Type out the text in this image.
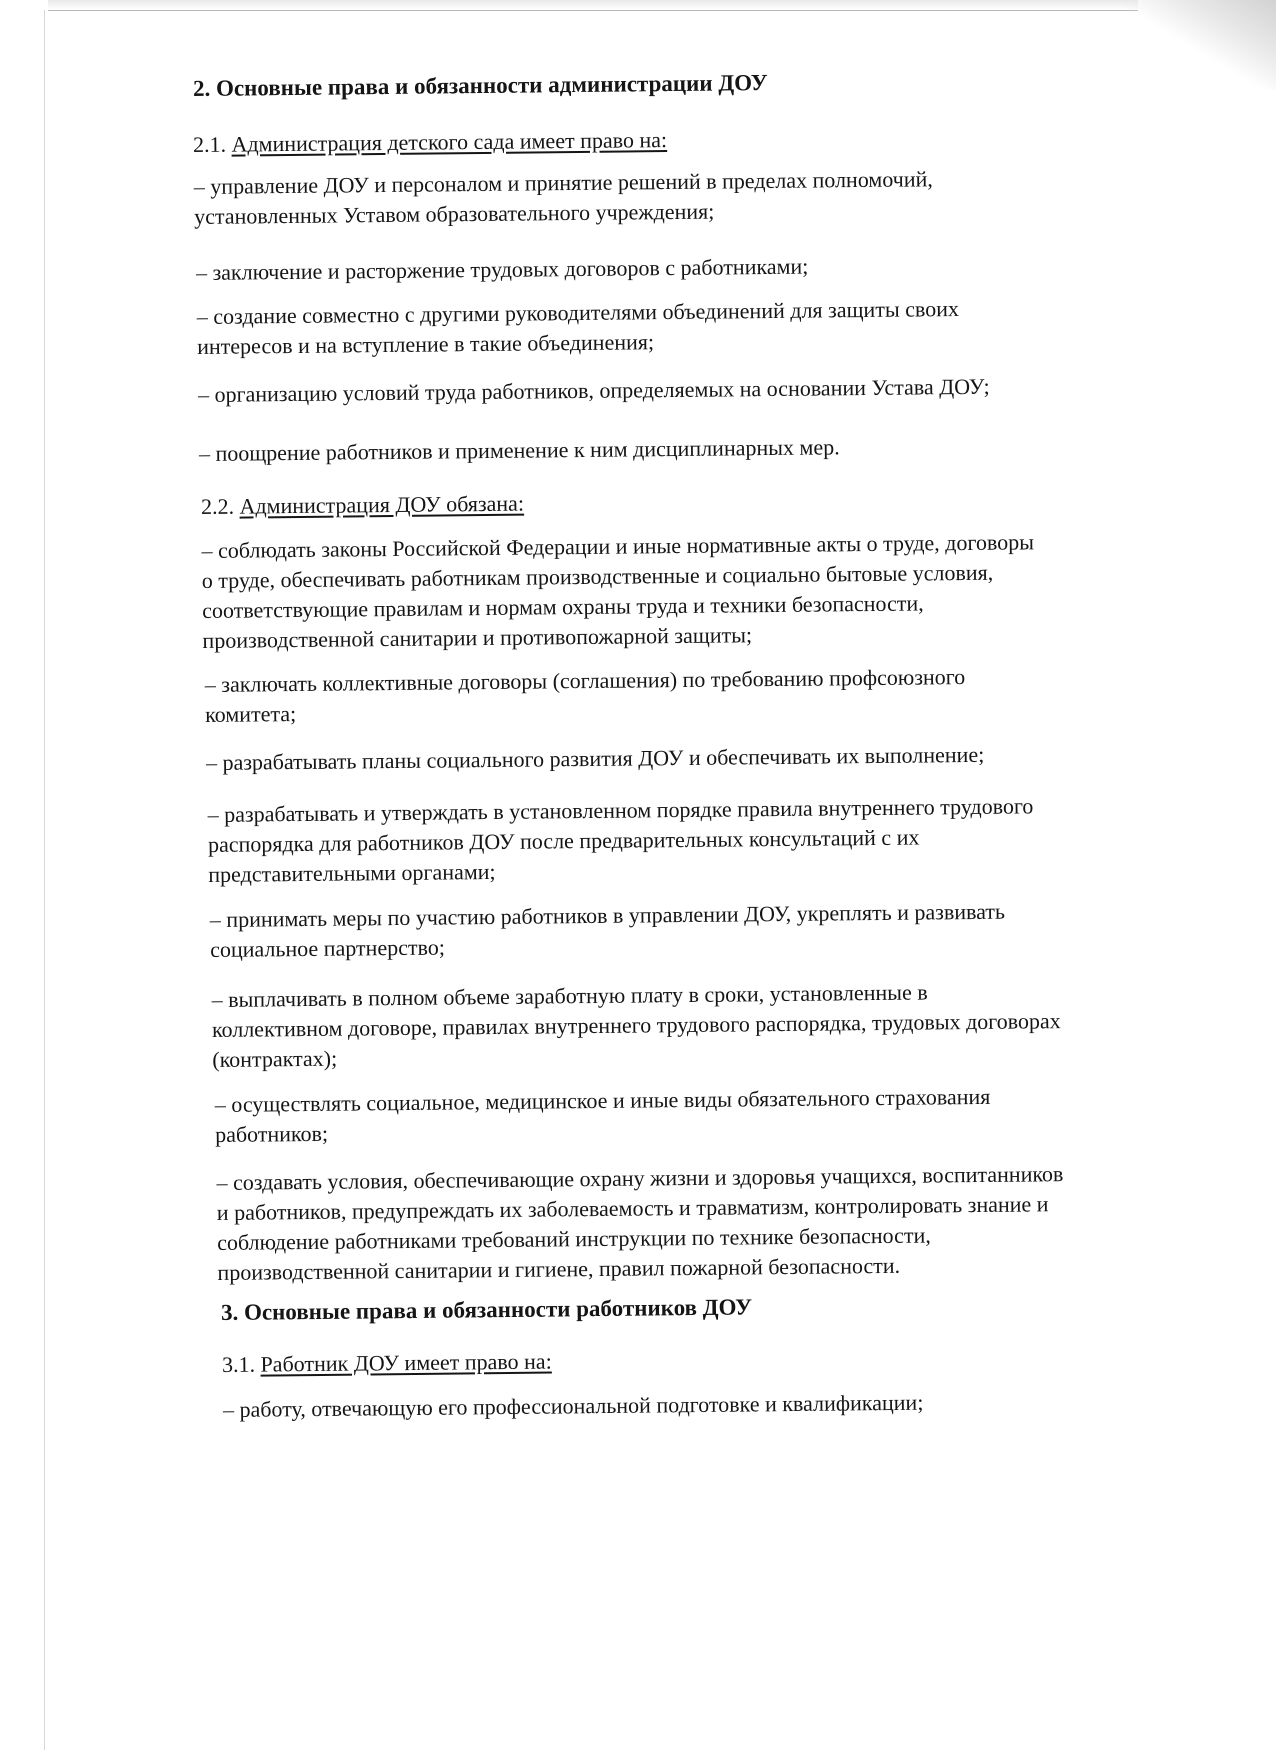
2. Основные права и обязанности администрации ДОУ
2.1. Администрация детского сада имеет право на:
– управление ДОУ и персоналом и принятие решений в пределах полномочий,
установленных Уставом образовательного учреждения;
– заключение и расторжение трудовых договоров с работниками;
– создание совместно с другими руководителями объединений для защиты своих
интересов и на вступление в такие объединения;
– организацию условий труда работников, определяемых на основании Устава ДОУ;
– поощрение работников и применение к ним дисциплинарных мер.
2.2. Администрация ДОУ обязана:
– соблюдать законы Российской Федерации и иные нормативные акты о труде, договоры
о труде, обеспечивать работникам производственные и социально бытовые условия,
соответствующие правилам и нормам охраны труда и техники безопасности,
производственной санитарии и противопожарной защиты;
– заключать коллективные договоры (соглашения) по требованию профсоюзного
комитета;
– разрабатывать планы социального развития ДОУ и обеспечивать их выполнение;
– разрабатывать и утверждать в установленном порядке правила внутреннего трудового
распорядка для работников ДОУ после предварительных консультаций с их
представительными органами;
– принимать меры по участию работников в управлении ДОУ, укреплять и развивать
социальное партнерство;
– выплачивать в полном объеме заработную плату в сроки, установленные в
коллективном договоре, правилах внутреннего трудового распорядка, трудовых договорах
(контрактах);
– осуществлять социальное, медицинское и иные виды обязательного страхования
работников;
– создавать условия, обеспечивающие охрану жизни и здоровья учащихся, воспитанников
и работников, предупреждать их заболеваемость и травматизм, контролировать знание и
соблюдение работниками требований инструкции по технике безопасности,
производственной санитарии и гигиене, правил пожарной безопасности.
3. Основные права и обязанности работников ДОУ
3.1. Работник ДОУ имеет право на:
– работу, отвечающую его профессиональной подготовке и квалификации;
